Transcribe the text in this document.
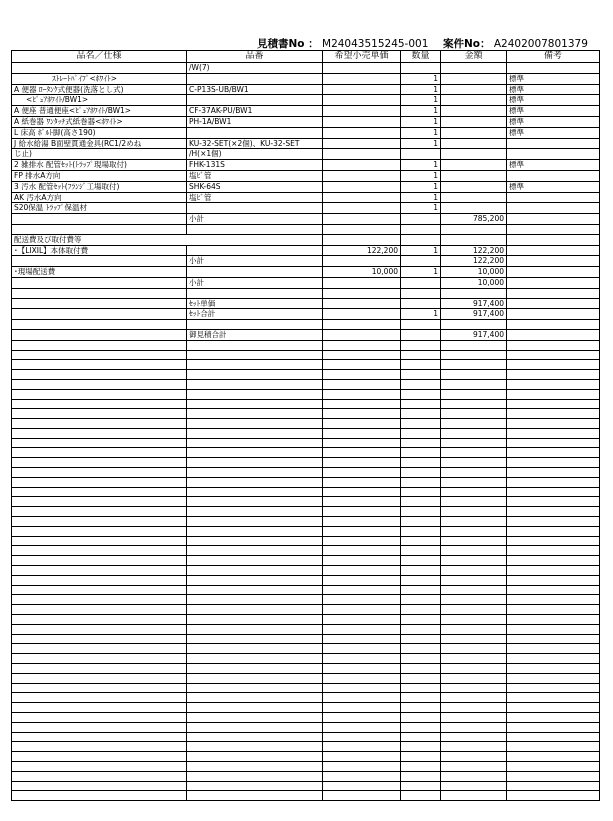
見積書No ： M24043515245-001 案件No： A2402007801379
品名／仕様	品番	希望小売単価	数量	金額	備考
	/W(7)				
ｽﾄﾚｰﾄﾊﾟｲﾌﾟ<ﾎﾜｲﾄ>			1		標準
A 便器 ﾛｰﾀﾝｸ式便器(洗落とし式)	C-P13S-UB/BW1		1		標準
<ﾋﾟｭｱﾎﾜｲﾄ/BW1>			1		標準
A 便座 普通便座<ﾋﾟｭｱﾎﾜｲﾄ/BW1>	CF-37AK-PU/BW1		1		標準
A 紙巻器 ﾜﾝﾀｯﾁ式紙巻器<ﾎﾜｲﾄ>	PH-1A/BW1		1		標準
L 床高 ﾎﾞﾙﾄ脚(高さ190)			1		標準
J 給水給湯 B面壁貫通金具(RC1/2めね	KU-32-SET(×2個)、KU-32-SET		1		
じ止)	/H(×1個)				
2 雑排水 配管ｾｯﾄ(ﾄﾗｯﾌﾟ現場取付)	FHK-131S		1		標準
FP 排水A方向	塩ﾋﾞ管		1		
3 汚水 配管ｾｯﾄ(ﾌﾗﾝｼﾞ工場取付)	SHK-64S		1		標準
AK 汚水A方向	塩ﾋﾞ管		1		
S20保温 ﾄﾗｯﾌﾟ保温材			1		
	小計			785,200	

配送費及び取付費等					
･【LIXIL】本体取付費		122,200	1	122,200	
	小計			122,200	
･現場配送費		10,000	1	10,000	
	小計			10,000	

	ｾｯﾄ単価			917,400	
	ｾｯﾄ合計		1	917,400	

	御見積合計			917,400	
